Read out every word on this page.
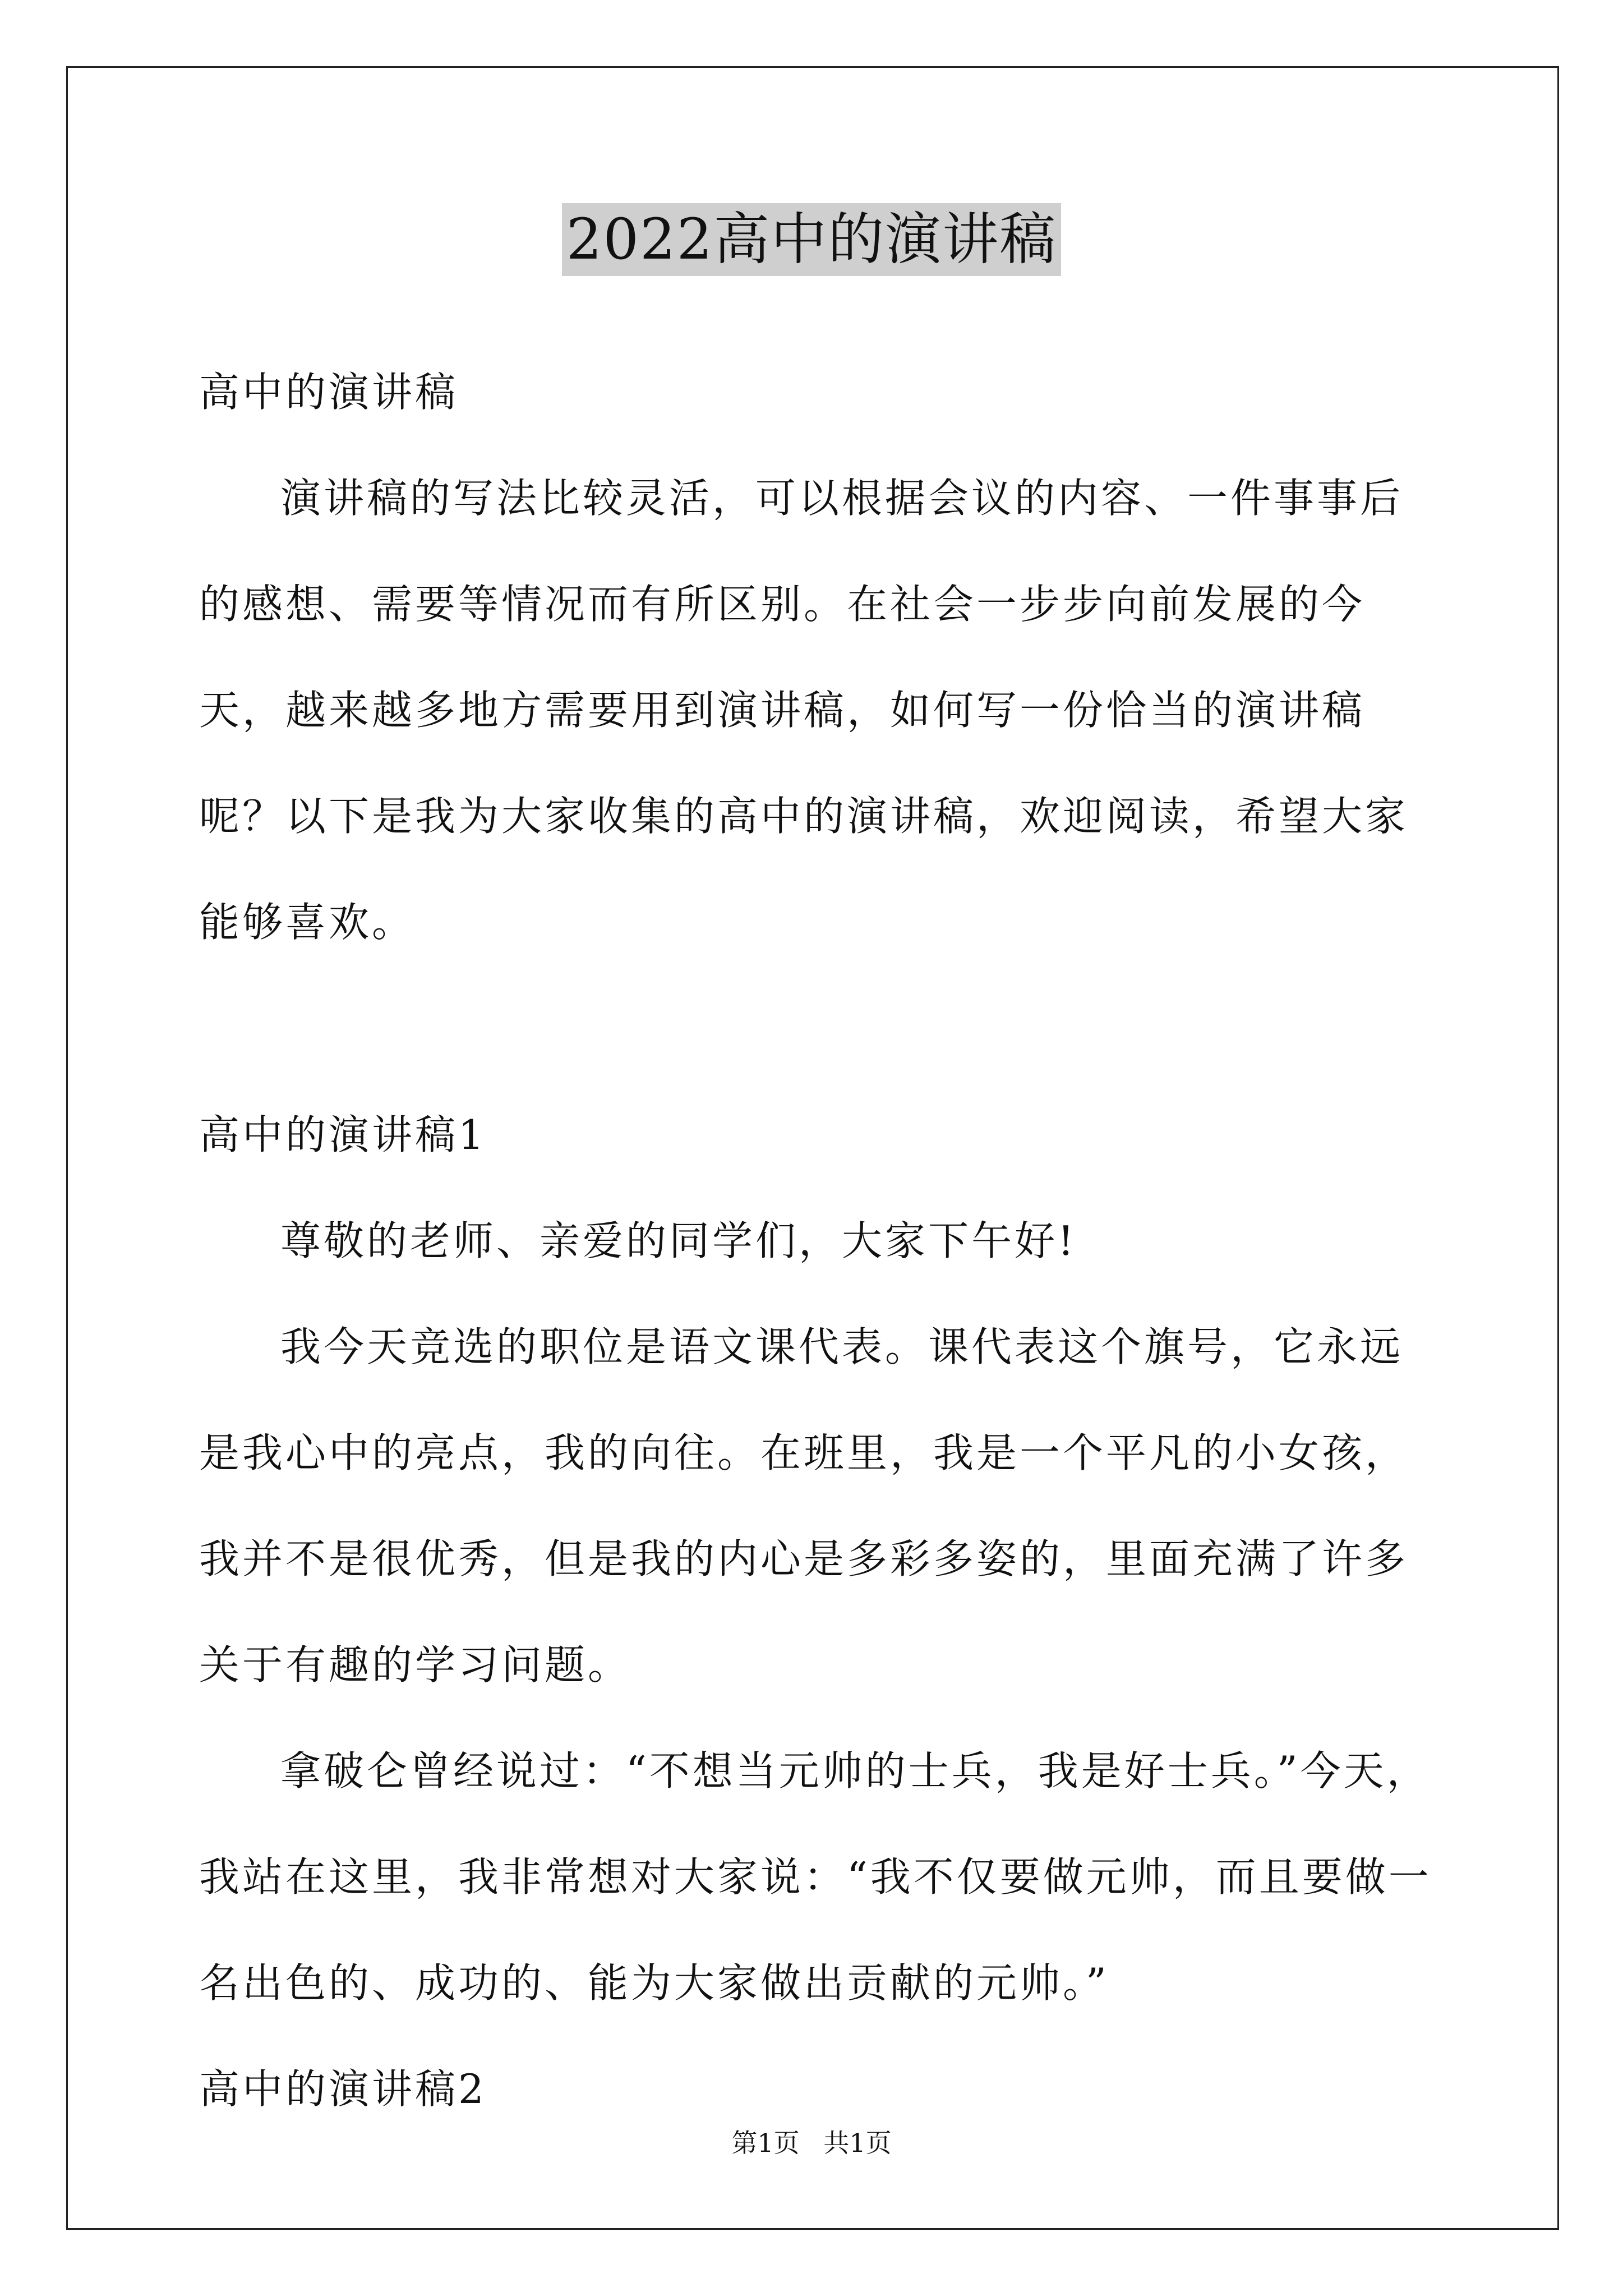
2022高中的演讲稿

高中的演讲稿

演讲稿的写法比较灵活，可以根据会议的内容、一件事事后的感想、需要等情况而有所区别。在社会一步步向前发展的今天，越来越多地方需要用到演讲稿，如何写一份恰当的演讲稿呢？以下是我为大家收集的高中的演讲稿，欢迎阅读，希望大家能够喜欢。

高中的演讲稿1

尊敬的老师、亲爱的同学们，大家下午好!

我今天竞选的职位是语文课代表。课代表这个旗号，它永远是我心中的亮点，我的向往。在班里，我是一个平凡的小女孩，我并不是很优秀，但是我的内心是多彩多姿的，里面充满了许多关于有趣的学习问题。

拿破仑曾经说过：“不想当元帅的士兵，我是好士兵。”今天，我站在这里，我非常想对大家说：“我不仅要做元帅，而且要做一名出色的、成功的、能为大家做出贡献的元帅。”

高中的演讲稿2

第1页 共1页
